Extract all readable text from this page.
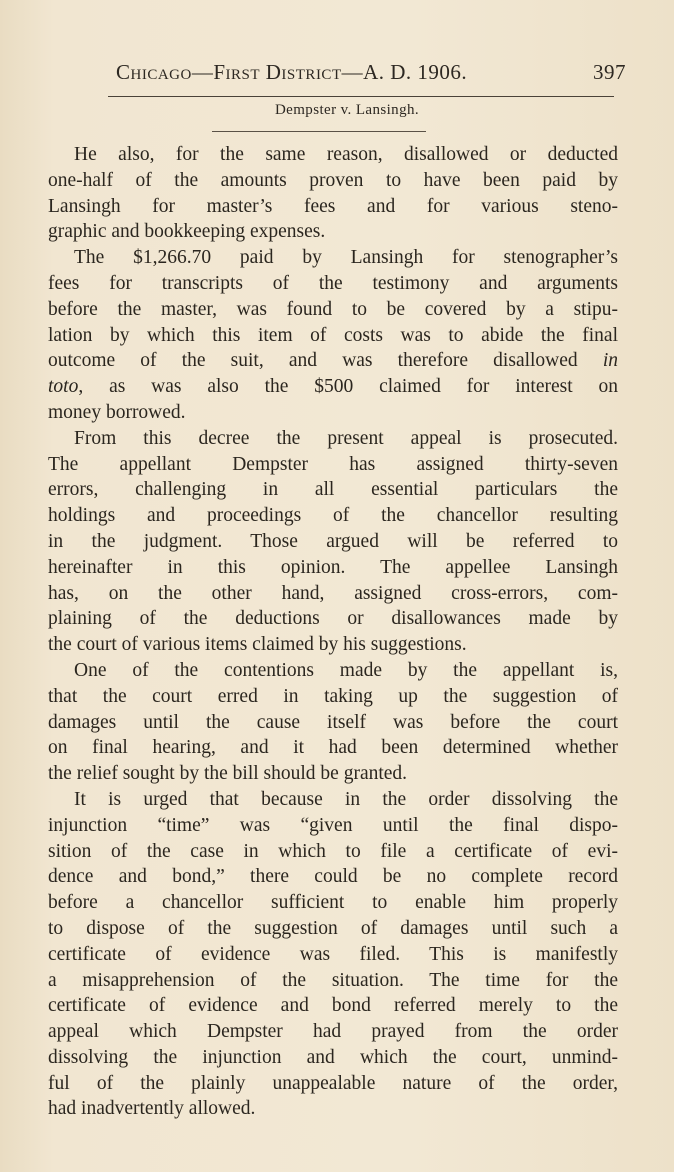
Chicago—First District—A. D. 1906.	397
Dempster v. Lansingh.
He also, for the same reason, disallowed or deducted
one-half of the amounts proven to have been paid by
Lansingh for master’s fees and for various steno-
graphic and bookkeeping expenses.
The $1,266.70 paid by Lansingh for stenographer’s
fees for transcripts of the testimony and arguments
before the master, was found to be covered by a stipu-
lation by which this item of costs was to abide the final
outcome of the suit, and was therefore disallowed in
toto, as was also the $500 claimed for interest on
money borrowed.
From this decree the present appeal is prosecuted.
The appellant Dempster has assigned thirty-seven
errors, challenging in all essential particulars the
holdings and proceedings of the chancellor resulting
in the judgment. Those argued will be referred to
hereinafter in this opinion. The appellee Lansingh
has, on the other hand, assigned cross-errors, com-
plaining of the deductions or disallowances made by
the court of various items claimed by his suggestions.
One of the contentions made by the appellant is,
that the court erred in taking up the suggestion of
damages until the cause itself was before the court
on final hearing, and it had been determined whether
the relief sought by the bill should be granted.
It is urged that because in the order dissolving the
injunction “time” was “given until the final dispo-
sition of the case in which to file a certificate of evi-
dence and bond,” there could be no complete record
before a chancellor sufficient to enable him properly
to dispose of the suggestion of damages until such a
certificate of evidence was filed. This is manifestly
a misapprehension of the situation. The time for the
certificate of evidence and bond referred merely to the
appeal which Dempster had prayed from the order
dissolving the injunction and which the court, unmind-
ful of the plainly unappealable nature of the order,
had inadvertently allowed.
